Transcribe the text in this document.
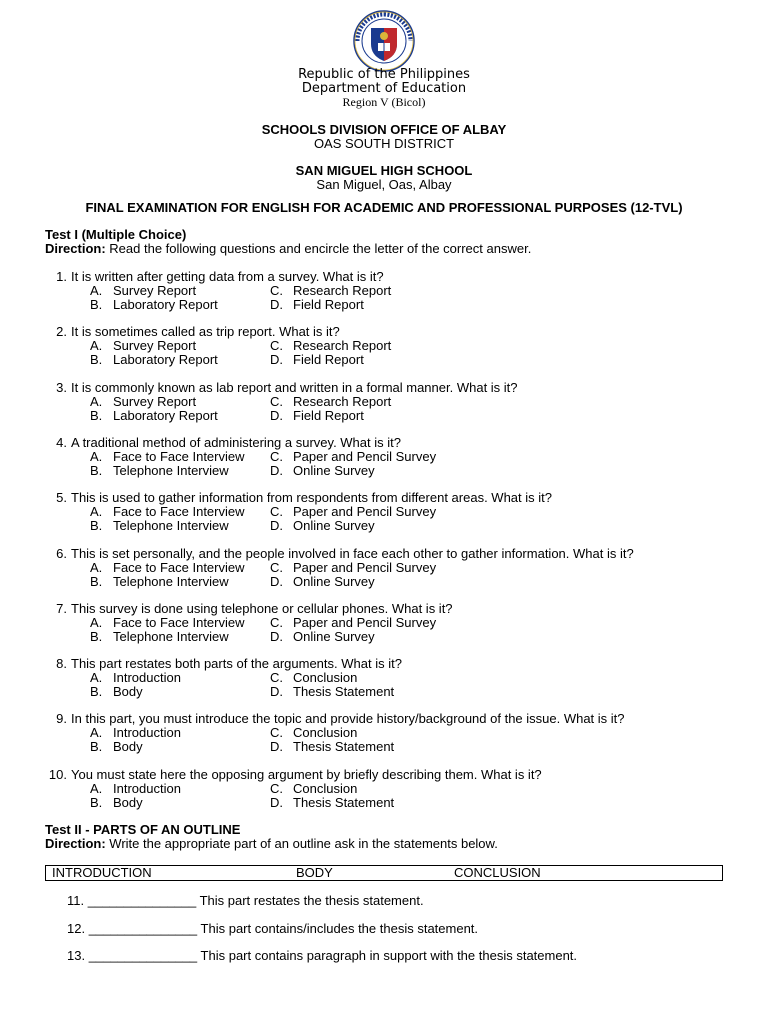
Republic of the Philippines
Department of Education
Region V (Bicol)
SCHOOLS DIVISION OFFICE OF ALBAY
OAS SOUTH DISTRICT
SAN MIGUEL HIGH SCHOOL
San Miguel, Oas, Albay
FINAL EXAMINATION FOR ENGLISH FOR ACADEMIC AND PROFESSIONAL PURPOSES (12-TVL)
Test I (Multiple Choice)
Direction: Read the following questions and encircle the letter of the correct answer.
1. It is written after getting data from a survey. What is it?
A. Survey Report
B. Laboratory Report
C. Research Report
D. Field Report
2. It is sometimes called as trip report. What is it?
A. Survey Report
B. Laboratory Report
C. Research Report
D. Field Report
3. It is commonly known as lab report and written in a formal manner. What is it?
A. Survey Report
B. Laboratory Report
C. Research Report
D. Field Report
4. A traditional method of administering a survey. What is it?
A. Face to Face Interview
B. Telephone Interview
C. Paper and Pencil Survey
D. Online Survey
5. This is used to gather information from respondents from different areas. What is it?
A. Face to Face Interview
B. Telephone Interview
C. Paper and Pencil Survey
D. Online Survey
6. This is set personally, and the people involved in face each other to gather information. What is it?
A. Face to Face Interview
B. Telephone Interview
C. Paper and Pencil Survey
D. Online Survey
7. This survey is done using telephone or cellular phones. What is it?
A. Face to Face Interview
B. Telephone Interview
C. Paper and Pencil Survey
D. Online Survey
8. This part restates both parts of the arguments. What is it?
A. Introduction
B. Body
C. Conclusion
D. Thesis Statement
9. In this part, you must introduce the topic and provide history/background of the issue. What is it?
A. Introduction
B. Body
C. Conclusion
D. Thesis Statement
10. You must state here the opposing argument by briefly describing them. What is it?
A. Introduction
B. Body
C. Conclusion
D. Thesis Statement
Test II - PARTS OF AN OUTLINE
Direction: Write the appropriate part of an outline ask in the statements below.
INTRODUCTION	BODY	CONCLUSION
11. _______________ This part restates the thesis statement.
12. _______________ This part contains/includes the thesis statement.
13. _______________ This part contains paragraph in support with the thesis statement.
